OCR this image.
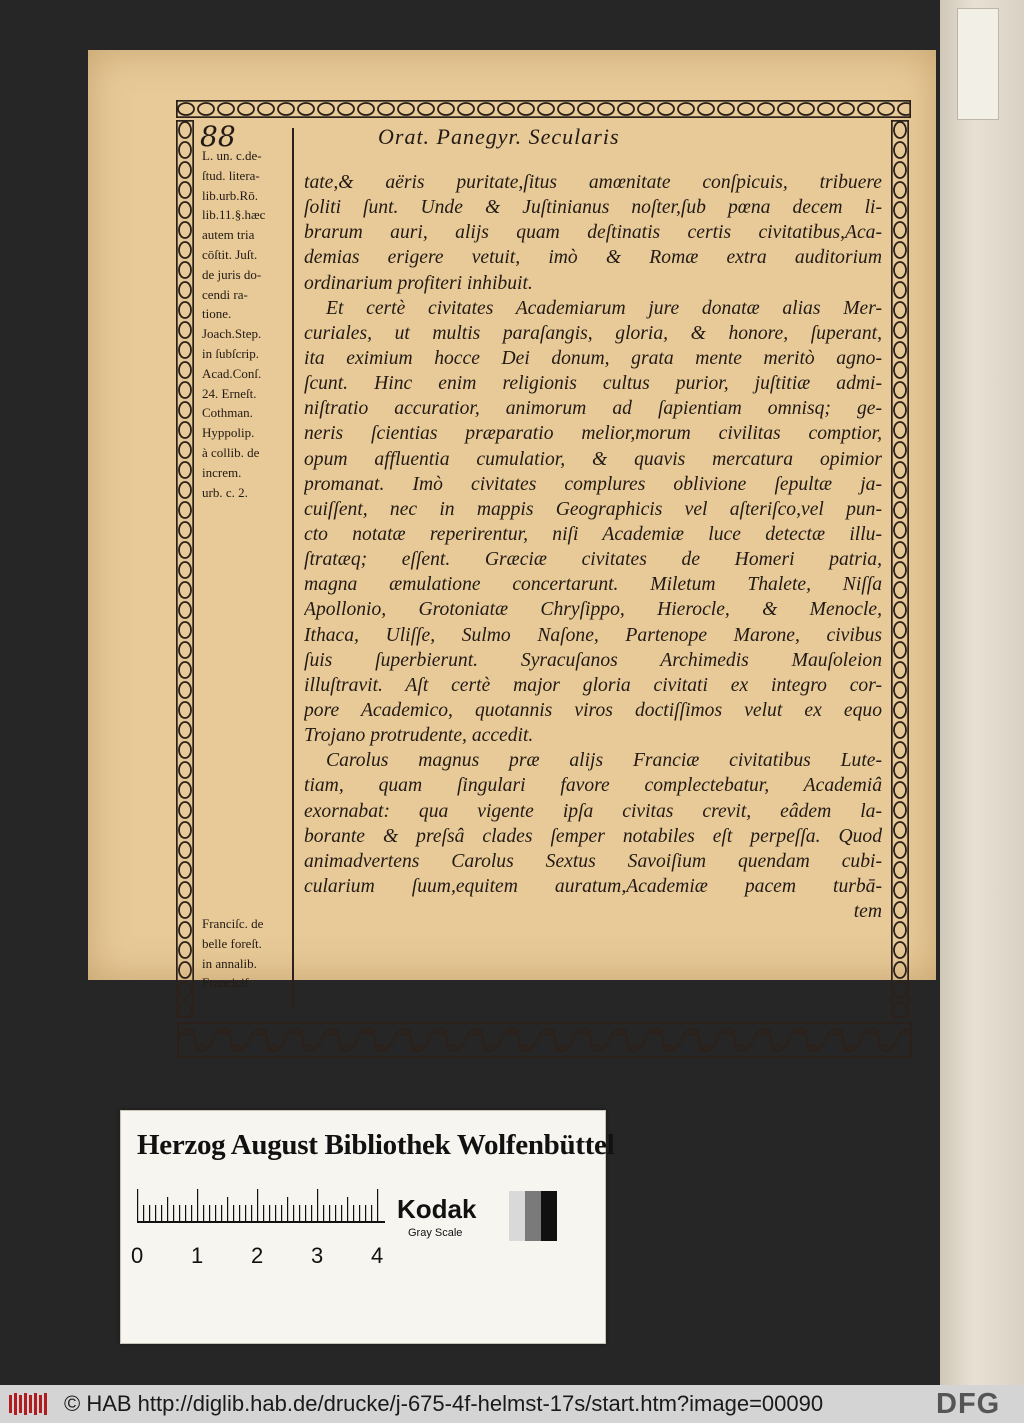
88	Orat. Panegyr. Secularis
L. un. c.de-
ſtud. litera-
lib.urb.Rō.
lib.11.§.hæc
autem tria
cōſtit. Juſt.
de juris do-
cendi ra-
tione.
Joach.Step.
in ſubſcrip.
Acad.Conſ.
24. Erneſt.
Cothman.
Hyppolip.
à collib. de
increm.
urb. c. 2.
Franciſc. de
belle foreſt.
in annalib.
Franciciſ.
tate,& aëris puritate,ſitus amœnitate conſpicuis, tribuere
ſoliti ſunt. Unde & Juſtinianus noſter,ſub pœna decem li-
brarum auri, alijs quam deſtinatis certis civitatibus,Aca-
demias erigere vetuit, imò & Romæ extra auditorium
ordinarium profiteri inhibuit.
Et certè civitates Academiarum jure donatæ alias Mer-
curiales, ut multis paraſangis, gloria, & honore, ſuperant,
ita eximium hocce Dei donum, grata mente meritò agno-
ſcunt. Hinc enim religionis cultus purior, juſtitiæ admi-
niſtratio accuratior, animorum ad ſapientiam omnisq; ge-
neris ſcientias præparatio melior,morum civilitas comptior,
opum affluentia cumulatior, & quavis mercatura opimior
promanat. Imò civitates complures oblivione ſepultæ ja-
cuiſſent, nec in mappis Geographicis vel aſteriſco,vel pun-
cto notatæ reperirentur, niſi Academiæ luce detectæ illu-
ſtratæq; eſſent. Græciæ civitates de Homeri patria,
magna æmulatione concertarunt. Miletum Thalete, Niſſa
Apollonio, Grotoniatæ Chryſippo, Hierocle, & Menocle,
Ithaca, Uliſſe, Sulmo Naſone, Partenope Marone, civibus
ſuis ſuperbierunt. Syracuſanos Archimedis Mauſoleion
illuſtravit. Aſt certè major gloria civitati ex integro cor-
pore Academico, quotannis viros doctiſſimos velut ex equo
Trojano protrudente, accedit.
Carolus magnus præ alijs Franciæ civitatibus Lute-
tiam, quam ſingulari favore complectebatur, Academiâ
exornabat: qua vigente ipſa civitas crevit, eâdem la-
borante & preſsâ clades ſemper notabiles eſt perpeſſa. Quod
animadvertens Carolus Sextus Savoiſium quendam cubi-
cularium ſuum,equitem auratum,Academiæ pacem turbā-
tem
Herzog August Bibliothek Wolfenbüttel
0 1 2 3 4
Kodak
Gray Scale
© HAB http://diglib.hab.de/drucke/j-675-4f-helmst-17s/start.htm?image=00090	DFG
